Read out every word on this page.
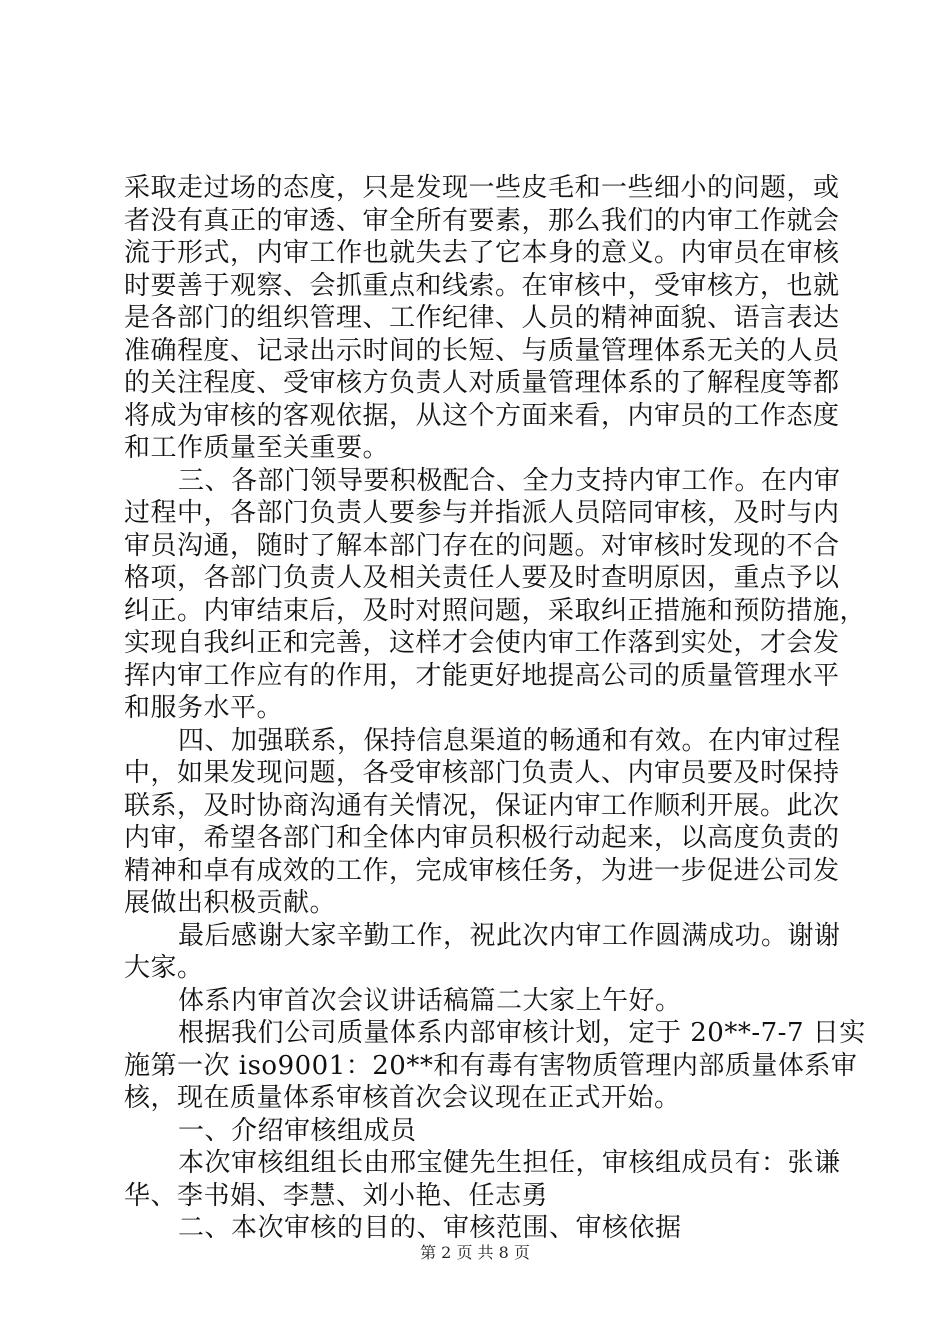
采取走过场的态度，只是发现一些皮毛和一些细小的问题，或
者没有真正的审透、审全所有要素，那么我们的内审工作就会
流于形式，内审工作也就失去了它本身的意义。内审员在审核
时要善于观察、会抓重点和线索。在审核中，受审核方，也就
是各部门的组织管理、工作纪律、人员的精神面貌、语言表达
准确程度、记录出示时间的长短、与质量管理体系无关的人员
的关注程度、受审核方负责人对质量管理体系的了解程度等都
将成为审核的客观依据，从这个方面来看，内审员的工作态度
和工作质量至关重要。
三、各部门领导要积极配合、全力支持内审工作。在内审
过程中，各部门负责人要参与并指派人员陪同审核，及时与内
审员沟通，随时了解本部门存在的问题。对审核时发现的不合
格项，各部门负责人及相关责任人要及时查明原因，重点予以
纠正。内审结束后，及时对照问题，采取纠正措施和预防措施，
实现自我纠正和完善，这样才会使内审工作落到实处，才会发
挥内审工作应有的作用，才能更好地提高公司的质量管理水平
和服务水平。
四、加强联系，保持信息渠道的畅通和有效。在内审过程
中，如果发现问题，各受审核部门负责人、内审员要及时保持
联系，及时协商沟通有关情况，保证内审工作顺利开展。此次
内审，希望各部门和全体内审员积极行动起来，以高度负责的
精神和卓有成效的工作，完成审核任务，为进一步促进公司发
展做出积极贡献。
最后感谢大家辛勤工作，祝此次内审工作圆满成功。谢谢
大家。
体系内审首次会议讲话稿篇二大家上午好。
根据我们公司质量体系内部审核计划，定于 20**-7-7 日实
施第一次 iso9001：20**和有毒有害物质管理内部质量体系审
核，现在质量体系审核首次会议现在正式开始。
一、介绍审核组成员
本次审核组组长由邢宝健先生担任，审核组成员有：张谦
华、李书娟、李慧、刘小艳、任志勇
二、本次审核的目的、审核范围、审核依据
第 2 页 共 8 页
